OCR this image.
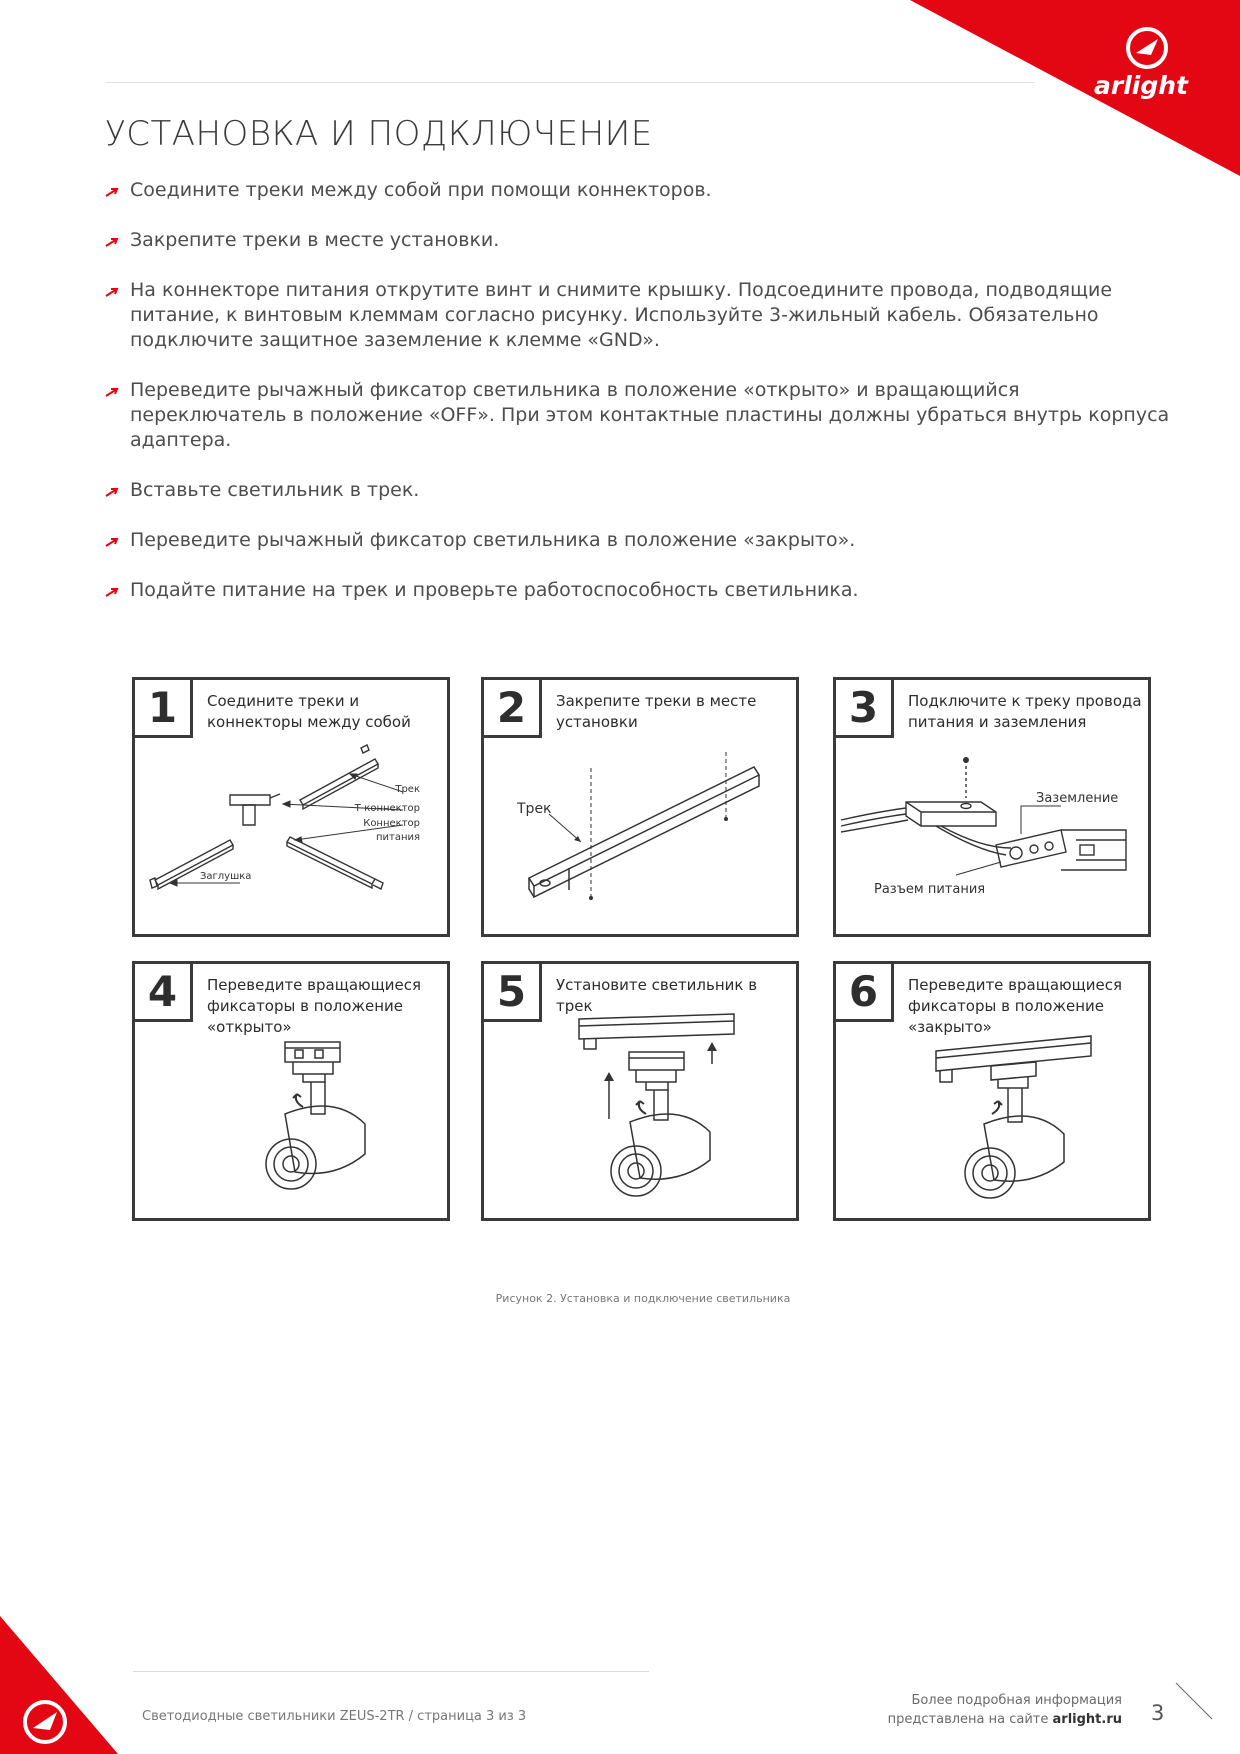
arlight
УСТАНОВКА И ПОДКЛЮЧЕНИЕ
Соедините треки между собой при помощи коннекторов.
Закрепите треки в месте установки.
На коннекторе питания открутите винт и снимите крышку. Подсоедините провода, подводящие питание, к винтовым клеммам согласно рисунку. Используйте 3-жильный кабель. Обязательно подключите защитное заземление к клемме «GND».
Переведите рычажный фиксатор светильника в положение «открыто» и вращающийся переключатель в положение «OFF». При этом контактные пластины должны убраться внутрь корпуса адаптера.
Вставьте светильник в трек.
Переведите рычажный фиксатор светильника в положение «закрыто».
Подайте питание на трек и проверьте работоспособность светильника.
1	Соедините треки и коннекторы между собой
Трек
Т-коннектор
Коннектор
питания
Заглушка
2	Закрепите треки в месте установки
Трек
3	Подключите к треку провода питания и заземления
Заземление
Разъем питания
4	Переведите вращающиеся фиксаторы в положение «открыто»
5	Установите светильник в трек	6	Переведите вращающиеся фиксаторы в положение «закрыто»
Рисунок 2. Установка и подключение светильника
Светодиодные светильники ZEUS-2TR / страница 3 из 3
Более подробная информация
представлена на сайте arlight.ru 3
